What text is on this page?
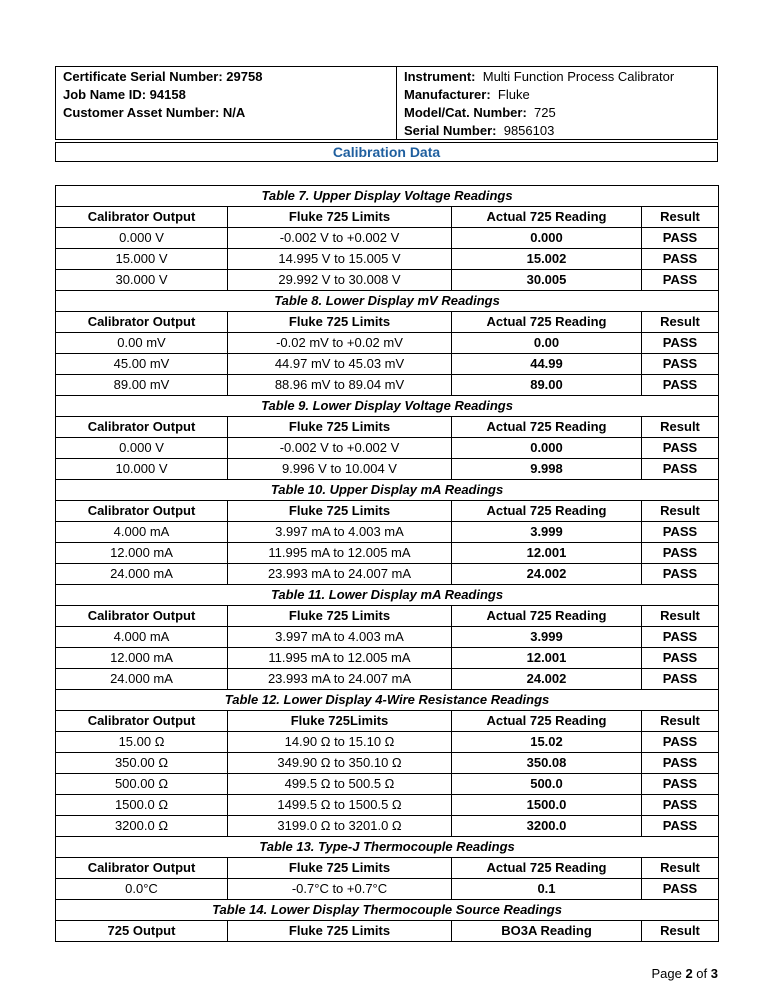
Certificate Serial Number: 29758
Job Name ID: 94158
Customer Asset Number: N/A
Instrument: Multi Function Process Calibrator
Manufacturer: Fluke
Model/Cat. Number: 725
Serial Number: 9856103
Calibration Data
Table 7. Upper Display Voltage Readings			
Calibrator Output	Fluke 725 Limits	Actual 725 Reading	Result
0.000 V	-0.002 V to +0.002 V	0.000	PASS
15.000 V	14.995 V to 15.005 V	15.002	PASS
30.000 V	29.992 V to 30.008 V	30.005	PASS
Table 8. Lower Display mV Readings			
Calibrator Output	Fluke 725 Limits	Actual 725 Reading	Result
0.00 mV	-0.02 mV to +0.02 mV	0.00	PASS
45.00 mV	44.97 mV to 45.03 mV	44.99	PASS
89.00 mV	88.96 mV to 89.04 mV	89.00	PASS
Table 9. Lower Display Voltage Readings			
Calibrator Output	Fluke 725 Limits	Actual 725 Reading	Result
0.000 V	-0.002 V to +0.002 V	0.000	PASS
10.000 V	9.996 V to 10.004 V	9.998	PASS
Table 10. Upper Display mA Readings			
Calibrator Output	Fluke 725 Limits	Actual 725 Reading	Result
4.000 mA	3.997 mA to 4.003 mA	3.999	PASS
12.000 mA	11.995 mA to 12.005 mA	12.001	PASS
24.000 mA	23.993 mA to 24.007 mA	24.002	PASS
Table 11. Lower Display mA Readings			
Calibrator Output	Fluke 725 Limits	Actual 725 Reading	Result
4.000 mA	3.997 mA to 4.003 mA	3.999	PASS
12.000 mA	11.995 mA to 12.005 mA	12.001	PASS
24.000 mA	23.993 mA to 24.007 mA	24.002	PASS
Table 12. Lower Display 4-Wire Resistance Readings			
Calibrator Output	Fluke 725Limits	Actual 725 Reading	Result
15.00 Ω	14.90 Ω to 15.10 Ω	15.02	PASS
350.00 Ω	349.90 Ω to 350.10 Ω	350.08	PASS
500.00 Ω	499.5 Ω to 500.5 Ω	500.0	PASS
1500.0 Ω	1499.5 Ω to 1500.5 Ω	1500.0	PASS
3200.0 Ω	3199.0 Ω to 3201.0 Ω	3200.0	PASS
Table 13. Type-J Thermocouple Readings			
Calibrator Output	Fluke 725 Limits	Actual 725 Reading	Result
0.0°C	-0.7°C to +0.7°C	0.1	PASS
Table 14. Lower Display Thermocouple Source Readings			
725 Output	Fluke 725 Limits	BO3A Reading	Result
Page 2 of 3
